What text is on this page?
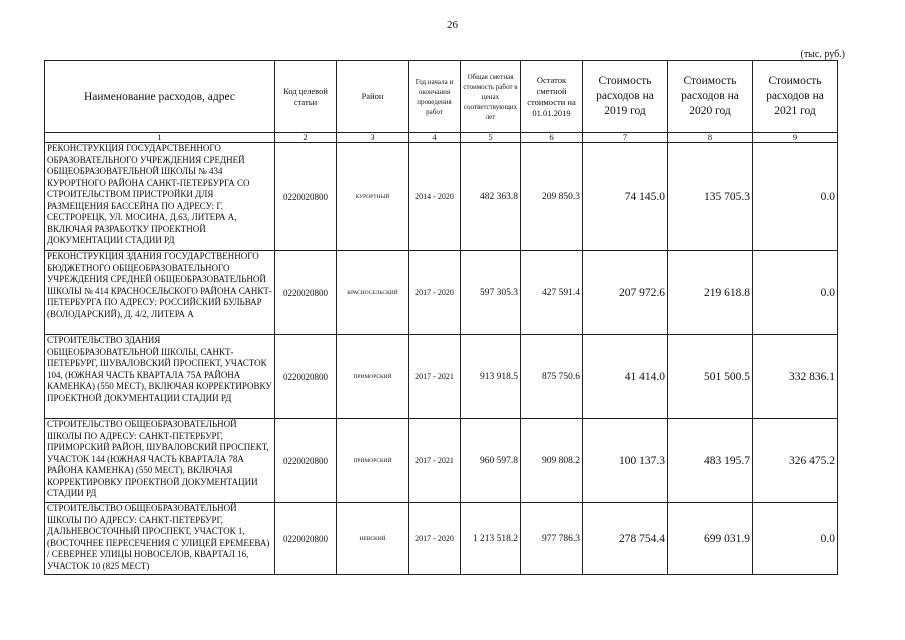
26
(тыс. руб.)
Наименование расходов, адрес	Код целевой статьи	Район	Год начала и окончания проведения работ	Общая сметная стоимость работ в ценах соответствующих лет	Остаток сметной стоимости на 01.01.2019	Стоимость расходов на 2019 год	Стоимость расходов на 2020 год	Стоимость расходов на 2021 год
1	2	3	4	5	6	7	8	9
РЕКОНСТРУКЦИЯ ГОСУДАРСТВЕННОГО ОБРАЗОВАТЕЛЬНОГО УЧРЕЖДЕНИЯ СРЕДНЕЙ ОБЩЕОБРАЗОВАТЕЛЬНОЙ ШКОЛЫ № 434 КУРОРТНОГО РАЙОНА САНКТ-ПЕТЕРБУРГА СО СТРОИТЕЛЬСТВОМ ПРИСТРОЙКИ ДЛЯ РАЗМЕЩЕНИЯ БАССЕЙНА ПО АДРЕСУ: Г. СЕСТРОРЕЦК, УЛ. МОСИНА, Д.63, ЛИТЕРА А, ВКЛЮЧАЯ РАЗРАБОТКУ ПРОЕКТНОЙ ДОКУМЕНТАЦИИ СТАДИИ РД	0220020800	КУРОРТНЫЙ	2014 - 2020	482 363.8	209 850.3	74 145.0	135 705.3	0.0
РЕКОНСТРУКЦИЯ ЗДАНИЯ ГОСУДАРСТВЕННОГО БЮДЖЕТНОГО ОБЩЕОБРАЗОВАТЕЛЬНОГО УЧРЕЖДЕНИЯ СРЕДНЕЙ ОБЩЕОБРАЗОВАТЕЛЬНОЙ ШКОЛЫ № 414 КРАСНОСЕЛЬСКОГО РАЙОНА САНКТ-ПЕТЕРБУРГА ПО АДРЕСУ: РОССИЙСКИЙ БУЛЬВАР (ВОЛОДАРСКИЙ), Д. 4/2, ЛИТЕРА А	0220020800	КРАСНОСЕЛЬСКИЙ	2017 - 2020	597 305.3	427 591.4	207 972.6	219 618.8	0.0
СТРОИТЕЛЬСТВО ЗДАНИЯ ОБЩЕОБРАЗОВАТЕЛЬНОЙ ШКОЛЫ, САНКТ-ПЕТЕРБУРГ, ШУВАЛОВСКИЙ ПРОСПЕКТ, УЧАСТОК 104, (ЮЖНАЯ ЧАСТЬ КВАРТАЛА 75А РАЙОНА КАМЕНКА) (550 МЕСТ), ВКЛЮЧАЯ КОРРЕКТИРОВКУ ПРОЕКТНОЙ ДОКУМЕНТАЦИИ СТАДИИ РД	0220020800	ПРИМОРСКИЙ	2017 - 2021	913 918.5	875 750.6	41 414.0	501 500.5	332 836.1
СТРОИТЕЛЬСТВО ОБЩЕОБРАЗОВАТЕЛЬНОЙ ШКОЛЫ ПО АДРЕСУ: САНКТ-ПЕТЕРБУРГ, ПРИМОРСКИЙ РАЙОН, ШУВАЛОВСКИЙ ПРОСПЕКТ, УЧАСТОК 144 (ЮЖНАЯ ЧАСТЬ КВАРТАЛА 78А РАЙОНА КАМЕНКА) (550 МЕСТ), ВКЛЮЧАЯ КОРРЕКТИРОВКУ ПРОЕКТНОЙ ДОКУМЕНТАЦИИ СТАДИИ РД	0220020800	ПРИМОРСКИЙ	2017 - 2021	960 597.8	909 808.2	100 137.3	483 195.7	326 475.2
СТРОИТЕЛЬСТВО ОБЩЕОБРАЗОВАТЕЛЬНОЙ ШКОЛЫ ПО АДРЕСУ: САНКТ-ПЕТЕРБУРГ, ДАЛЬНЕВОСТОЧНЫЙ ПРОСПЕКТ, УЧАСТОК 1, (ВОСТОЧНЕЕ ПЕРЕСЕЧЕНИЯ С УЛИЦЕЙ ЕРЕМЕЕВА) / СЕВЕРНЕЕ УЛИЦЫ НОВОСЕЛОВ, КВАРТАЛ 16, УЧАСТОК 10 (825 МЕСТ)	0220020800	НЕВСКИЙ	2017 - 2020	1 213 518.2	977 786.3	278 754.4	699 031.9	0.0
